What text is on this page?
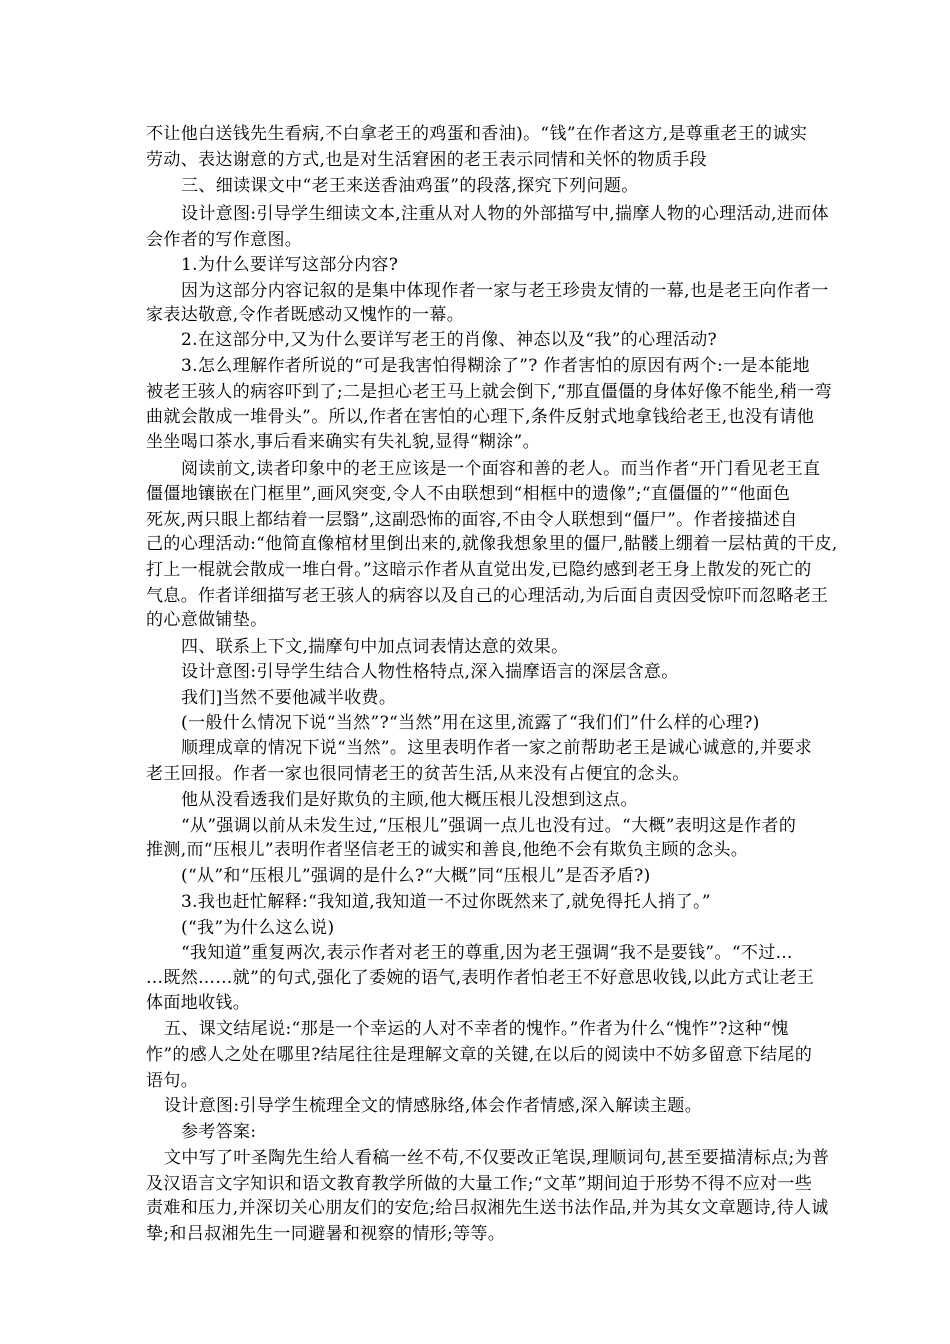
不让他白送钱先生看病,不白拿老王的鸡蛋和香油)。“钱”在作者这方,是尊重老王的诚实
劳动、表达谢意的方式,也是对生活窘困的老王表示同情和关怀的物质手段
三、细读课文中“老王来送香油鸡蛋”的段落,探究下列问题。
设计意图:引导学生细读文本,注重从对人物的外部描写中,揣摩人物的心理活动,进而体
会作者的写作意图。
1.为什么要详写这部分内容?
因为这部分内容记叙的是集中体现作者一家与老王珍贵友情的一幕,也是老王向作者一
家表达敬意,令作者既感动又愧怍的一幕。
2.在这部分中,又为什么要详写老王的肖像、神态以及“我”的心理活动?
3.怎么理解作者所说的“可是我害怕得糊涂了”? 作者害怕的原因有两个:一是本能地
被老王骇人的病容吓到了;二是担心老王马上就会倒下,“那直僵僵的身体好像不能坐,稍一弯
曲就会散成一堆骨头”。所以,作者在害怕的心理下,条件反射式地拿钱给老王,也没有请他
坐坐喝口茶水,事后看来确实有失礼貌,显得“糊涂”。
阅读前文,读者印象中的老王应该是一个面容和善的老人。而当作者“开门看见老王直
僵僵地镶嵌在门框里”,画风突变,令人不由联想到“相框中的遗像”;“直僵僵的”“他面色
死灰,两只眼上都结着一层翳”,这副恐怖的面容,不由令人联想到“僵尸”。作者接描述自
己的心理活动:“他简直像棺材里倒出来的,就像我想象里的僵尸,骷髅上绷着一层枯黄的干皮,
打上一棍就会散成一堆白骨。”这暗示作者从直觉出发,已隐约感到老王身上散发的死亡的
气息。作者详细描写老王骇人的病容以及自己的心理活动,为后面自责因受惊吓而忽略老王
的心意做铺垫。
四、联系上下文,揣摩句中加点词表情达意的效果。
设计意图:引导学生结合人物性格特点,深入揣摩语言的深层含意。
我们]当然不要他减半收费。
(一般什么情况下说“当然”?“当然”用在这里,流露了“我们们”什么样的心理?)
顺理成章的情况下说“当然”。这里表明作者一家之前帮助老王是诚心诚意的,并要求
老王回报。作者一家也很同情老王的贫苦生活,从来没有占便宜的念头。
他从没看透我们是好欺负的主顾,他大概压根儿没想到这点。
“从”强调以前从未发生过,“压根儿”强调一点儿也没有过。“大概”表明这是作者的
推测,而“压根儿”表明作者坚信老王的诚实和善良,他绝不会有欺负主顾的念头。
(“从”和“压根儿”强调的是什么?“大概”同“压根儿”是否矛盾?)
3.我也赶忙解释:“我知道,我知道一不过你既然来了,就免得托人捎了。”
(“我”为什么这么说)
“我知道”重复两次,表示作者对老王的尊重,因为老王强调“我不是要钱”。“不过…
…既然……就”的句式,强化了委婉的语气,表明作者怕老王不好意思收钱,以此方式让老王
体面地收钱。
五、课文结尾说:“那是一个幸运的人对不幸者的愧怍。”作者为什么“愧怍”?这种“愧
怍”的感人之处在哪里?结尾往往是理解文章的关键,在以后的阅读中不妨多留意下结尾的
语句。
设计意图:引导学生梳理全文的情感脉络,体会作者情感,深入解读主题。
参考答案:
文中写了叶圣陶先生给人看稿一丝不苟,不仅要改正笔误,理顺词句,甚至要描清标点;为普
及汉语言文字知识和语文教育教学所做的大量工作;“文革”期间迫于形势不得不应对一些
责难和压力,并深切关心朋友们的安危;给吕叔湘先生送书法作品,并为其女文章题诗,待人诚
挚;和吕叔湘先生一同避暑和视察的情形;等等。
